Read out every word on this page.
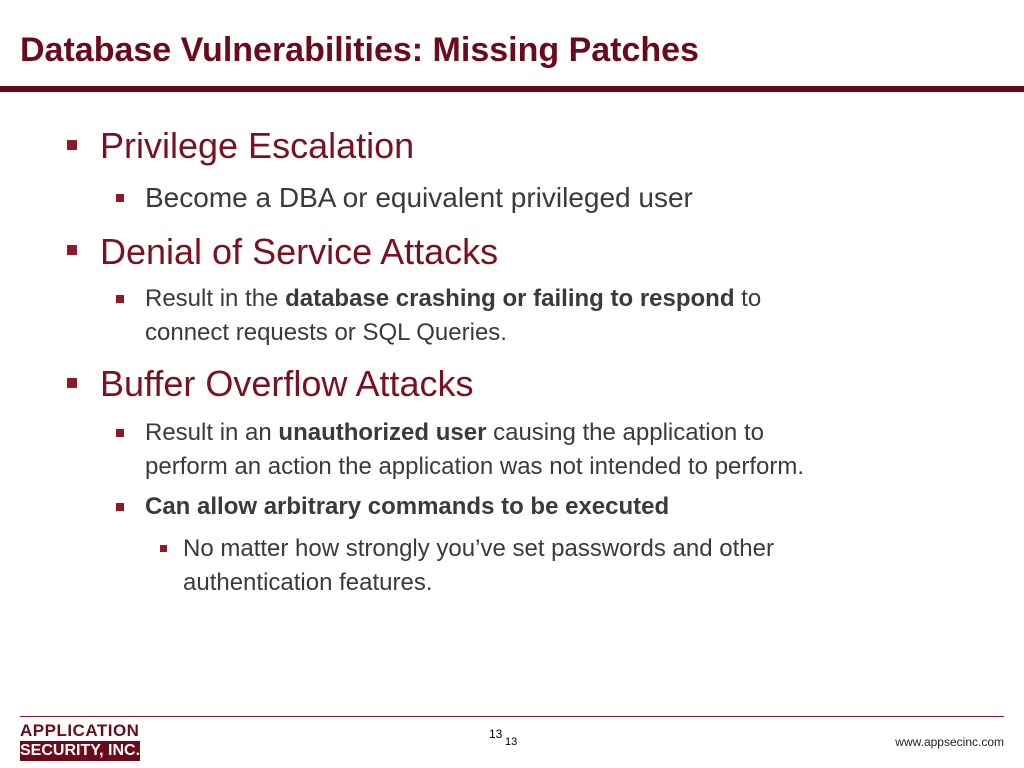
Database Vulnerabilities: Missing Patches
Privilege Escalation
Become a DBA or equivalent privileged user
Denial of Service Attacks
Result in the database crashing or failing to respond to
connect requests or SQL Queries.
Buffer Overflow Attacks
Result in an unauthorized user causing the application to
perform an action the application was not intended to perform.
Can allow arbitrary commands to be executed
No matter how strongly you’ve set passwords and other
authentication features.
APPLICATION
SECURITY, INC.
13
13	www.appsecinc.com
